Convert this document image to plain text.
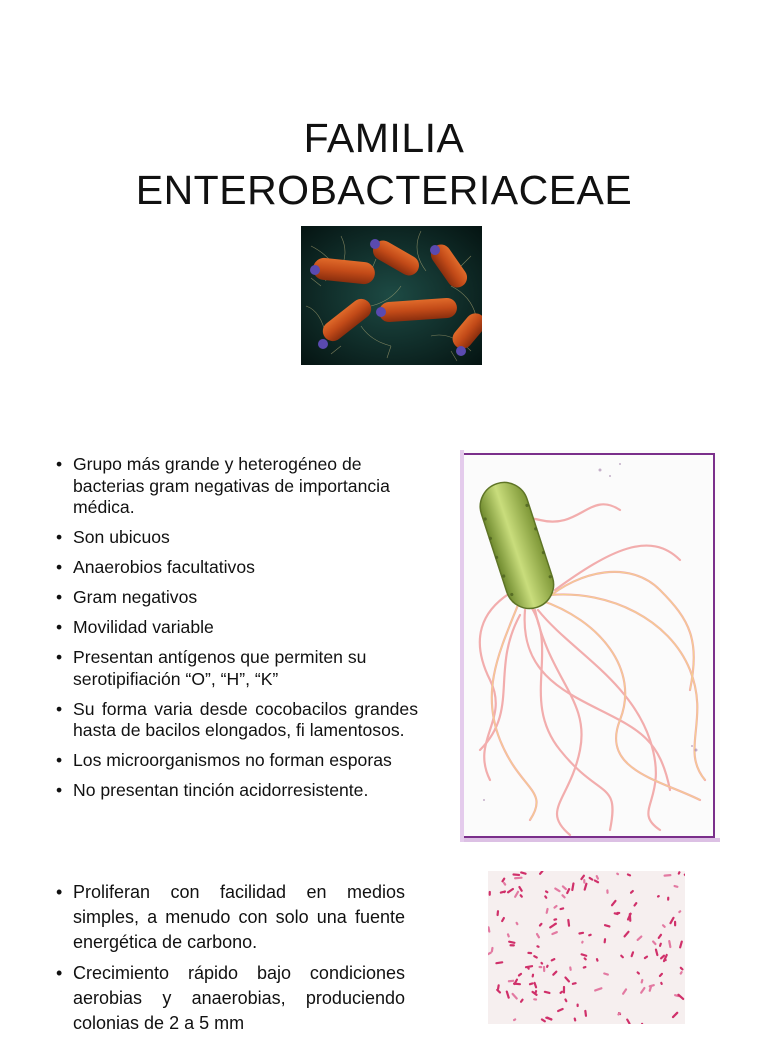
FAMILIA
ENTEROBACTERIACEAE
• Grupo más grande y heterogéneo de bacterias gram negativas de importancia médica.
• Son ubicuos
• Anaerobios facultativos
• Gram negativos
• Movilidad variable
• Presentan antígenos que permiten su serotipifiación “O”, “H”, “K”
• Su forma varia desde cocobacilos grandes hasta de bacilos elongados, fi lamentosos.
• Los microorganismos no forman esporas
• No presentan tinción acidorresistente.
• Proliferan con facilidad en medios simples, a menudo con solo una fuente energética de carbono.
• Crecimiento rápido bajo condiciones aerobias y anaerobias, produciendo colonias de 2 a 5 mm
